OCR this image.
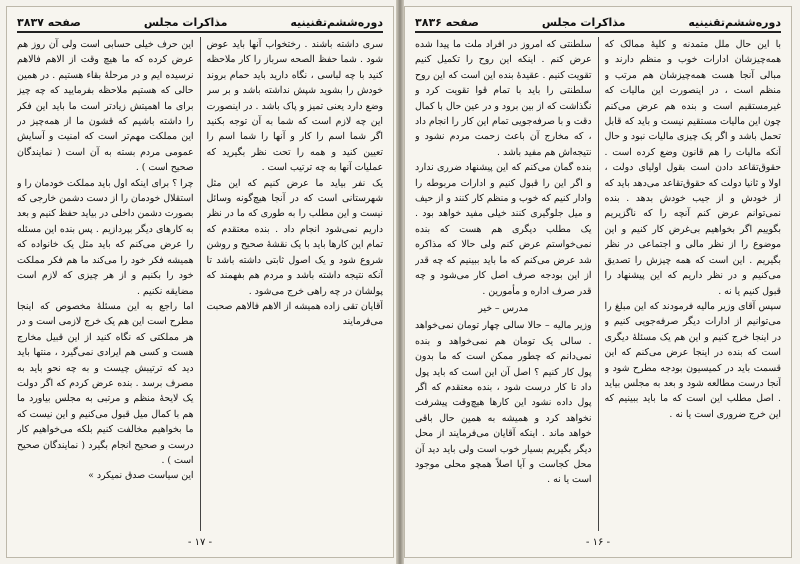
دوره‌ششم‌تقنینیه
مذاکرات مجلس
صفحه ۳۸۳۷

سری داشته باشند . رختخواب آنها باید عوض شود . شما حفظ الصحه سرباز را کار ملاحظه کنید با چه لباسی ، نگاه دارید باید حمام بروند خودش را بشوید شپش نداشته باشد و بر سر وضع دارد یعنی تمیز و پاک باشد . در اینصورت این چه لازم است که شما به آن توجه بکنید اگر شما اسم را کار و آنها را شما اسم را تعیین کنید و همه را تحت نظر بگیرید که عملیات آنها به چه ترتیب است .

یک نفر بیاید ما عرض کنیم که این مثل شهرستانی است که در آنجا هیچ‌گونه وسائل نیست و این مطلب را به طوری که ما در نظر داریم نمی‌شود انجام داد . بنده معتقدم که تمام این کارها باید با یک نقشهٔ صحیح و روشن شروع شود و یک اصول ثابتی داشته باشد تا آنکه نتیجه داشته باشد و مردم هم بفهمند که پولشان در چه راهی خرج می‌شود .

آقایان تقی زاده همیشه از الاهم فالاهم صحبت می‌فرمایند

این حرف خیلی حسابی است ولی آن روز هم عرض کرده که ما هیچ وقت از الاهم فالاهم نرسیده ایم و در مرحلهٔ بقاء هستیم . در همین حالی که هستیم ملاحظه بفرمایید که چه چیز برای ما اهمیتش زیادتر است ما باید این فکر را داشته باشیم که قشون ما از همه‌چیز در این مملکت مهم‌تر است که امنیت و آسایش عمومی مردم بسته به آن است ( نمایندگان صحیح است ) .

چرا ؟ برای اینکه اول باید مملکت خودمان را و استقلال خودمان را از دست دشمن خارجی که بصورت دشمن داخلی در بیاید حفظ کنیم و بعد به کارهای دیگر بپردازیم . پس بنده این مسئله را عرض می‌کنم که باید مثل یک خانواده که همیشه فکر خود را می‌کند ما هم فکر مملکت خود را بکنیم و از هر چیزی که لازم است مضایقه نکنیم .

اما راجع به این مسئلهٔ مخصوص که اینجا مطرح است این هم یک خرج لازمی است و در هر مملکتی که نگاه کنید از این قبیل مخارج هست و کسی هم ایرادی نمی‌گیرد ، منتها باید دید که ترتیبش چیست و به چه نحو باید به مصرف برسد . بنده عرض کردم که اگر دولت یک لایحهٔ منظم و مرتبی به مجلس بیاورد ما هم با کمال میل قبول می‌کنیم و این نیست که ما بخواهیم مخالفت کنیم بلکه می‌خواهیم کار درست و صحیح انجام بگیرد ( نمایندگان صحیح است ) .

این سیاست صدق نمیکرد »

- ۱۷ -
دوره‌ششم‌تقنینیه
مذاکرات مجلس
صفحه ۳۸۳۶

با این حال ملل متمدنه و کلیهٔ ممالک که همه‌چیزشان ادارات خوب و منظم دارند و مبالی آنجا هست همه‌چیزشان هم مرتب و منظم است ، در اینصورت این مالیات که غیرمستقیم است و بنده هم عرض می‌کنم چون این مالیات مستقیم نیست و باید که قابل تحمل باشد و اگر یک چیزی مالیات نبود و حال آنکه مالیات را هم قانون وضع کرده است . حقوق‌تقاعد دادن است بقول اولیای دولت ، اولا و ثانیا دولت که حقوق‌تقاعد می‌دهد باید که از خودش و از جیب خودش بدهد . بنده نمی‌توانم عرض کنم آنچه را که ناگزیریم بگوییم اگر بخواهیم بی‌غرض کار کنیم و این موضوع را از نظر مالی و اجتماعی در نظر بگیریم . این است که همه چیزش را تصدیق می‌کنیم و در نظر داریم که این پیشنهاد را قبول کنیم یا نه .

سپس آقای وزیر مالیه فرمودند که این مبلغ را می‌توانیم از ادارات دیگر صرفه‌جویی کنیم و در اینجا خرج کنیم و این هم یک مسئلهٔ دیگری است که بنده در اینجا عرض می‌کنم که این قسمت باید در کمیسیون بودجه مطرح شود و آنجا درست مطالعه شود و بعد به مجلس بیاید . اصل مطلب این است که ما باید ببینیم که این خرج ضروری است یا نه .

سلطنتی که امروز در افراد ملت ما پیدا شده عرض کنم . اینکه این روح را تکمیل کنیم تقویت کنیم . عقیدهٔ بنده این است که این روح سلطنتی را باید با تمام قوا تقویت کرد و نگذاشت که از بین برود و در عین حال با کمال دقت و با صرفه‌جویی تمام این کار را انجام داد ، که مخارج آن باعث زحمت مردم نشود و نتیجه‌اش هم مفید باشد .

بنده گمان می‌کنم که این پیشنهاد ضرری ندارد و اگر این را قبول کنیم و ادارات مربوطه را وادار کنیم که خوب و منظم کار کنند و از حیف و میل جلوگیری کنند خیلی مفید خواهد بود . یک مطلب دیگری هم هست که بنده نمی‌خواستم عرض کنم ولی حالا که مذاکره شد عرض می‌کنم که ما باید ببینیم که چه قدر از این بودجه صرف اصل کار می‌شود و چه قدر صرف اداره و مأمورین .

مدرس – خیر

وزیر مالیه – حالا سالی چهار تومان نمی‌خواهد . سالی یک تومان هم نمی‌خواهد و بنده نمی‌دانم که چطور ممکن است که ما بدون پول کار کنیم ؟ اصل آن این است که باید پول داد تا کار درست شود ، بنده معتقدم که اگر پول داده نشود این کارها هیچ‌وقت پیشرفت نخواهد کرد و همیشه به همین حال باقی خواهد ماند . اینکه آقایان می‌فرمایند از محل دیگر بگیریم بسیار خوب است ولی باید دید آن محل کجاست و آیا اصلاً همچو محلی موجود است یا نه .

- ۱۶ -
